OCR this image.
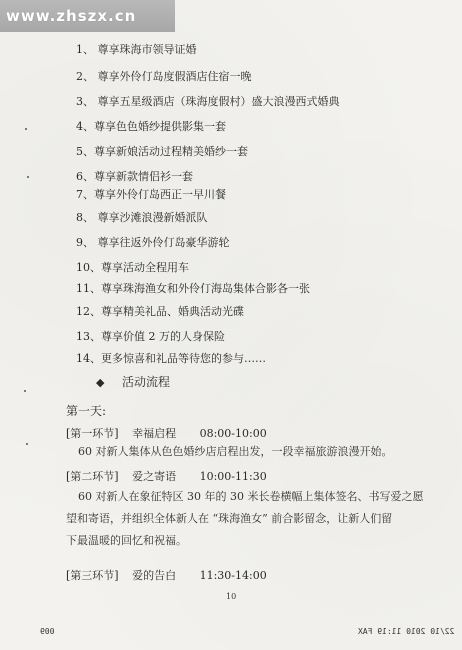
www.zhszx.cn
1、 尊享珠海市领导证婚
2、 尊享外伶仃岛度假酒店住宿一晚
3、 尊享五星级酒店（珠海度假村）盛大浪漫西式婚典
4、尊享色色婚纱提供影集一套
5、尊享新娘活动过程精美婚纱一套
6、尊享新款情侣衫一套
7、尊享外伶仃岛西正一早川餐
8、 尊享沙滩浪漫新婚派队
9、 尊享往返外伶仃岛豪华游轮
10、尊享活动全程用车
11、尊享珠海渔女和外伶仃海岛集体合影各一张
12、尊享精美礼品、婚典活动光碟
13、尊享价值 2 万的人身保险
14、更多惊喜和礼品等待您的参与……
◆ 活动流程
第一天:
[第一环节] 幸福启程 08:00-10:00
60 对新人集体从色色婚纱店启程出发，一段幸福旅游浪漫开始。
[第二环节] 爱之寄语 10:00-11:30
60 对新人在象征特区 30 年的 30 米长卷横幅上集体签名、书写爱之愿
望和寄语，并组织全体新人在 “珠海渔女” 前合影留念，让新人们留
下最温暖的回忆和祝福。
[第三环节] 爱的告白 11:30-14:00
10
22/10 2010 11:19 FAX
009
